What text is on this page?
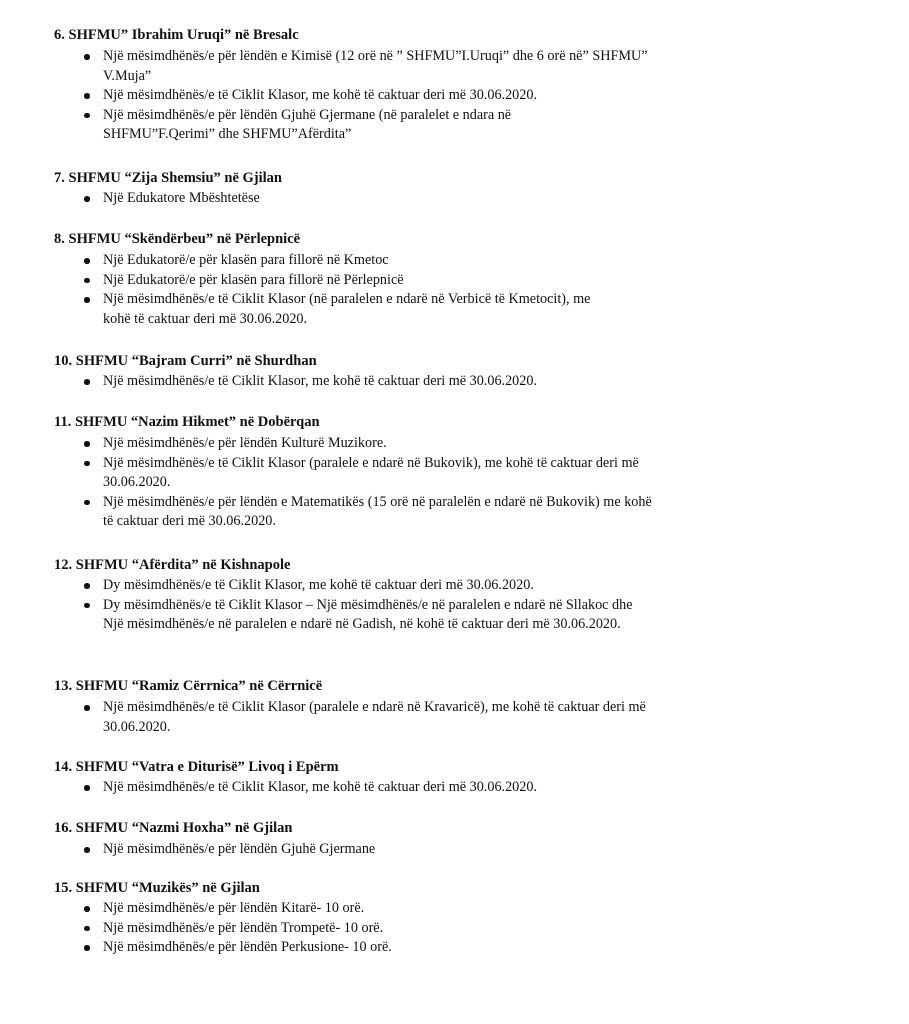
6. SHFMU” Ibrahim Uruqi” në Bresalc
Një mësimdhënës/e për lëndën e Kimisë (12 orë në ” SHFMU”I.Uruqi” dhe 6 orë në” SHFMU” V.Muja”
Një mësimdhënës/e të Ciklit Klasor, me kohë të caktuar deri më 30.06.2020.
Një mësimdhënës/e për lëndën Gjuhë Gjermane (në paralelet e ndara në SHFMU”F.Qerimi” dhe SHFMU”Afërdita”
7. SHFMU “Zija Shemsiu” në Gjilan
Një Edukatore Mbështetëse
8. SHFMU “Skëndërbeu” në Përlepnicë
Një Edukatorë/e për klasën para fillorë në Kmetoc
Një Edukatorë/e për klasën para fillorë në Përlepnicë
Një mësimdhënës/e të Ciklit Klasor (në paralelen e ndarë në Verbicë të Kmetocit), me kohë të caktuar deri më 30.06.2020.
10. SHFMU “Bajram Curri” në Shurdhan
Një mësimdhënës/e të Ciklit Klasor, me kohë të caktuar deri më 30.06.2020.
11. SHFMU “Nazim Hikmet” në Dobërqan
Një mësimdhënës/e për lëndën Kulturë Muzikore.
Një mësimdhënës/e të Ciklit Klasor (paralele e ndarë në Bukovik), me kohë të caktuar deri më 30.06.2020.
Një mësimdhënës/e për lëndën e Matematikës (15 orë në paralelën e ndarë në Bukovik) me kohë të caktuar deri më 30.06.2020.
12. SHFMU “Afërdita” në Kishnapole
Dy mësimdhënës/e të Ciklit Klasor, me kohë të caktuar deri më 30.06.2020.
Dy mësimdhënës/e të Ciklit Klasor – Një mësimdhënës/e në paralelen e ndarë në Sllakoc dhe Një mësimdhënës/e në paralelen e ndarë në Gadish, në kohë të caktuar deri më 30.06.2020.
13. SHFMU “Ramiz Cërrnica” në Cërrnicë
Një mësimdhënës/e të Ciklit Klasor (paralele e ndarë në Kravaricë), me kohë të caktuar deri më 30.06.2020.
14. SHFMU “Vatra e Diturisë” Livoq i Epërm
Një mësimdhënës/e të Ciklit Klasor, me kohë të caktuar deri më 30.06.2020.
16. SHFMU “Nazmi Hoxha” në Gjilan
Një mësimdhënës/e për lëndën Gjuhë Gjermane
15. SHFMU “Muzikës” në Gjilan
Një mësimdhënës/e për lëndën Kitarë- 10 orë.
Një mësimdhënës/e për lëndën Trompetë- 10 orë.
Një mësimdhënës/e për lëndën Perkusione- 10 orë.
